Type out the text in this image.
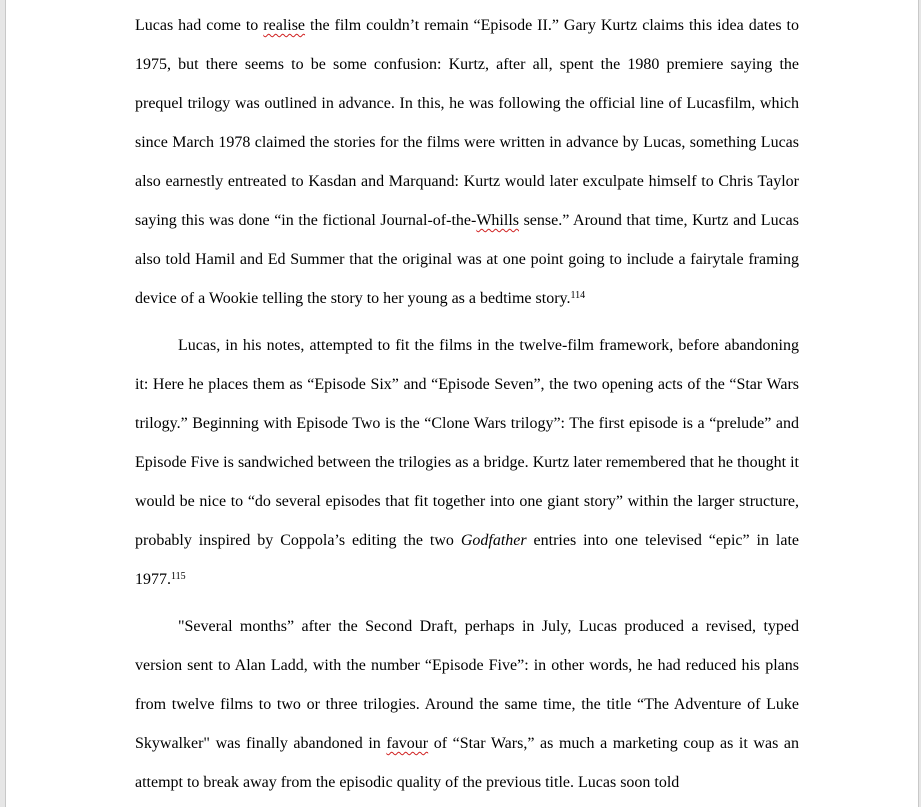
Lucas had come to realise the film couldn’t remain “Episode II.” Gary Kurtz claims this idea dates to 1975, but there seems to be some confusion: Kurtz, after all, spent the 1980 premiere saying the prequel trilogy was outlined in advance. In this, he was following the official line of Lucasfilm, which since March 1978 claimed the stories for the films were written in advance by Lucas, something Lucas also earnestly entreated to Kasdan and Marquand: Kurtz would later exculpate himself to Chris Taylor saying this was done “in the fictional Journal-of-the-Whills sense.” Around that time, Kurtz and Lucas also told Hamil and Ed Summer that the original was at one point going to include a fairytale framing device of a Wookie telling the story to her young as a bedtime story.$^{114}$

Lucas, in his notes, attempted to fit the films in the twelve-film framework, before abandoning it: Here he places them as “Episode Six” and “Episode Seven”, the two opening acts of the “Star Wars trilogy.” Beginning with Episode Two is the “Clone Wars trilogy”: The first episode is a “prelude” and Episode Five is sandwiched between the trilogies as a bridge. Kurtz later remembered that he thought it would be nice to “do several episodes that fit together into one giant story” within the larger structure, probably inspired by Coppola’s editing the two Godfather entries into one televised “epic” in late 1977.$^{115}$

"Several months” after the Second Draft, perhaps in July, Lucas produced a revised, typed version sent to Alan Ladd, with the number “Episode Five”: in other words, he had reduced his plans from twelve films to two or three trilogies. Around the same time, the title “The Adventure of Luke Skywalker" was finally abandoned in favour of “Star Wars,” as much a marketing coup as it was an attempt to break away from the episodic quality of the previous title. Lucas soon told
